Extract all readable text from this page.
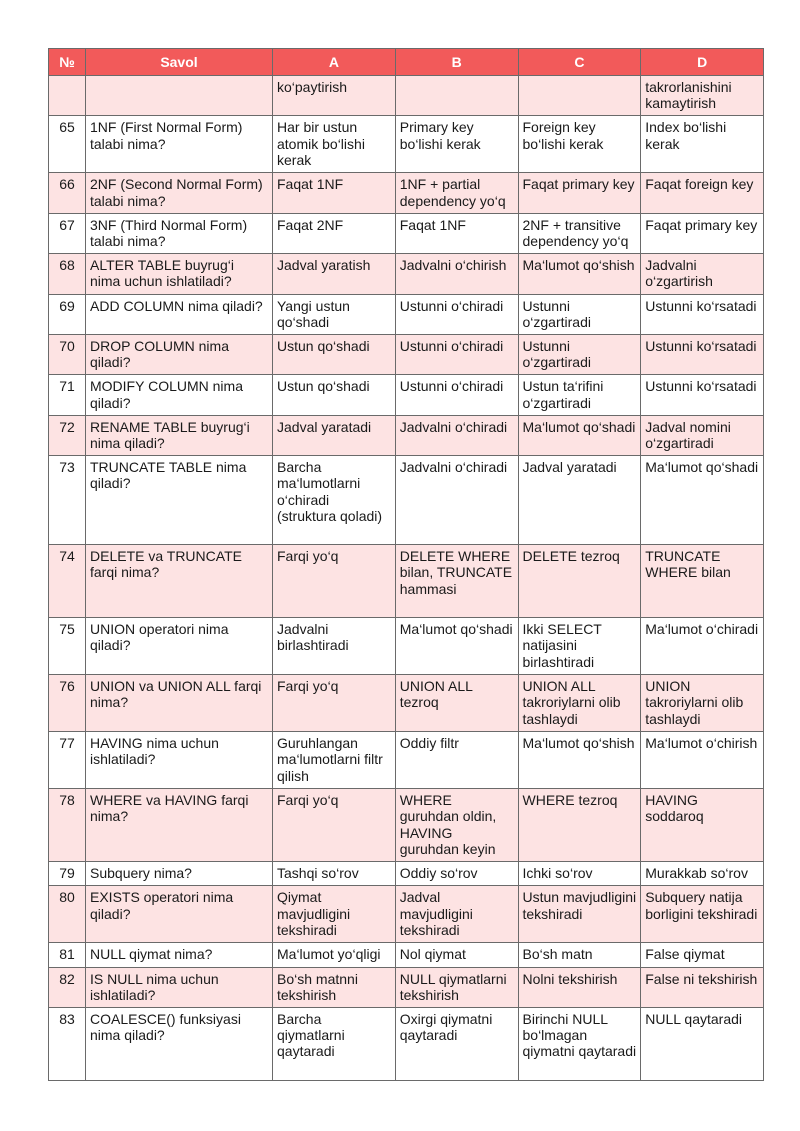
№	Savol	A	B	C	D
		ko‘paytirish			takrorlanishini kamaytirish
65	1NF (First Normal Form) talabi nima?	Har bir ustun atomik bo‘lishi kerak	Primary key bo‘lishi kerak	Foreign key bo‘lishi kerak	Index bo‘lishi kerak
66	2NF (Second Normal Form) talabi nima?	Faqat 1NF	1NF + partial dependency yo‘q	Faqat primary key	Faqat foreign key
67	3NF (Third Normal Form) talabi nima?	Faqat 2NF	Faqat 1NF	2NF + transitive dependency yo‘q	Faqat primary key
68	ALTER TABLE buyrug‘i nima uchun ishlatiladi?	Jadval yaratish	Jadvalni o‘chirish	Ma‘lumot qo‘shish	Jadvalni o‘zgartirish
69	ADD COLUMN nima qiladi?	Yangi ustun qo‘shadi	Ustunni o‘chiradi	Ustunni o‘zgartiradi	Ustunni ko‘rsatadi
70	DROP COLUMN nima qiladi?	Ustun qo‘shadi	Ustunni o‘chiradi	Ustunni o‘zgartiradi	Ustunni ko‘rsatadi
71	MODIFY COLUMN nima qiladi?	Ustun qo‘shadi	Ustunni o‘chiradi	Ustun ta‘rifini o‘zgartiradi	Ustunni ko‘rsatadi
72	RENAME TABLE buyrug‘i nima qiladi?	Jadval yaratadi	Jadvalni o‘chiradi	Ma‘lumot qo‘shadi	Jadval nomini o‘zgartiradi
73	TRUNCATE TABLE nima qiladi?	Barcha ma‘lumotlarni o‘chiradi (struktura qoladi)	Jadvalni o‘chiradi	Jadval yaratadi	Ma‘lumot qo‘shadi
74	DELETE va TRUNCATE farqi nima?	Farqi yo‘q	DELETE WHERE bilan, TRUNCATE hammasi	DELETE tezroq	TRUNCATE WHERE bilan
75	UNION operatori nima qiladi?	Jadvalni birlashtiradi	Ma‘lumot qo‘shadi	Ikki SELECT natijasini birlashtiradi	Ma‘lumot o‘chiradi
76	UNION va UNION ALL farqi nima?	Farqi yo‘q	UNION ALL tezroq	UNION ALL takroriylarni olib tashlaydi	UNION takroriylarni olib tashlaydi
77	HAVING nima uchun ishlatiladi?	Guruhlangan ma‘lumotlarni filtr qilish	Oddiy filtr	Ma‘lumot qo‘shish	Ma‘lumot o‘chirish
78	WHERE va HAVING farqi nima?	Farqi yo‘q	WHERE guruhdan oldin, HAVING guruhdan keyin	WHERE tezroq	HAVING soddaroq
79	Subquery nima?	Tashqi so‘rov	Oddiy so‘rov	Ichki so‘rov	Murakkab so‘rov
80	EXISTS operatori nima qiladi?	Qiymat mavjudligini tekshiradi	Jadval mavjudligini tekshiradi	Ustun mavjudligini tekshiradi	Subquery natija borligini tekshiradi
81	NULL qiymat nima?	Ma‘lumot yo‘qligi	Nol qiymat	Bo‘sh matn	False qiymat
82	IS NULL nima uchun ishlatiladi?	Bo‘sh matnni tekshirish	NULL qiymatlarni tekshirish	Nolni tekshirish	False ni tekshirish
83	COALESCE() funksiyasi nima qiladi?	Barcha qiymatlarni qaytaradi	Oxirgi qiymatni qaytaradi	Birinchi NULL bo‘lmagan qiymatni qaytaradi	NULL qaytaradi
